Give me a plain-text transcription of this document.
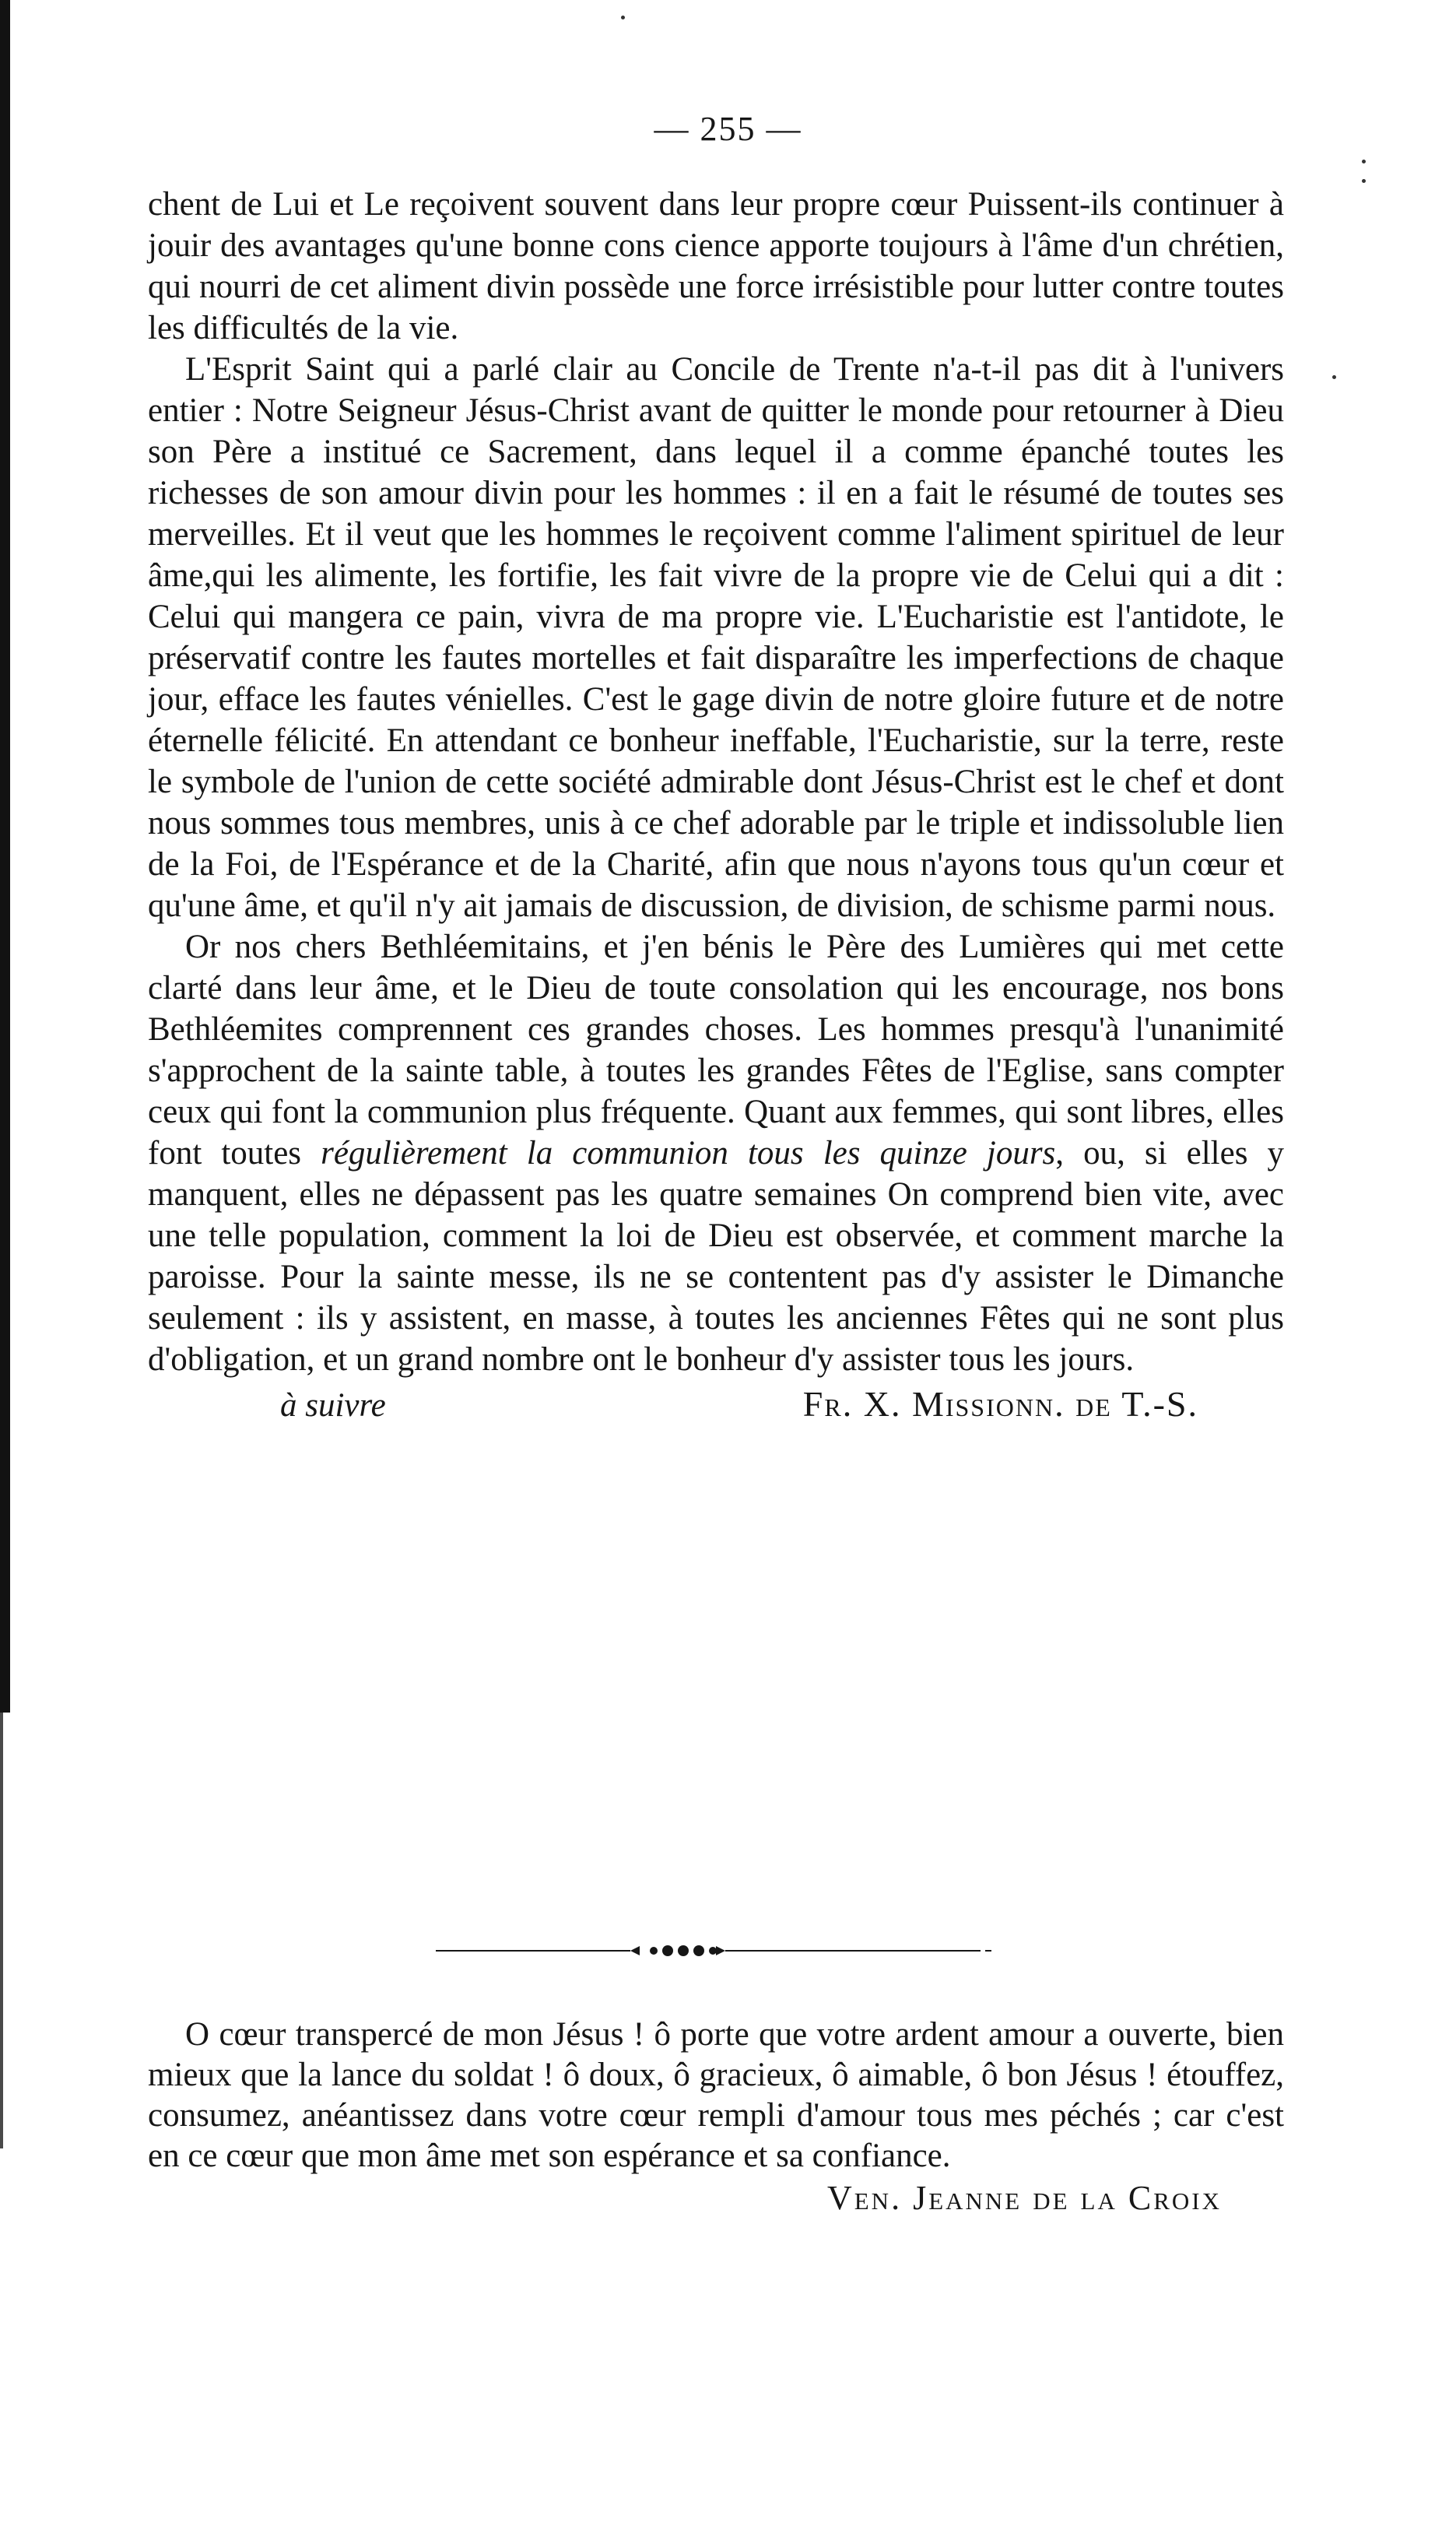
— 255 —

chent de Lui et Le reçoivent souvent dans leur propre cœur Puissent-ils continuer à jouir des avantages qu'une bonne cons cience apporte toujours à l'âme d'un chrétien, qui nourri de cet aliment divin possède une force irrésistible pour lutter contre toutes les difficultés de la vie.

L'Esprit Saint qui a parlé clair au Concile de Trente n'a-t-il pas dit à l'univers entier : Notre Seigneur Jésus-Christ avant de quitter le monde pour retourner à Dieu son Père a institué ce Sacrement, dans lequel il a comme épanché toutes les richesses de son amour divin pour les hommes : il en a fait le résumé de toutes ses merveilles. Et il veut que les hommes le reçoivent comme l'aliment spirituel de leur âme,qui les alimente, les fortifie, les fait vivre de la propre vie de Celui qui a dit : Celui qui mangera ce pain, vivra de ma propre vie. L'Eucharistie est l'antidote, le préservatif contre les fautes mortelles et fait disparaître les imperfections de chaque jour, efface les fautes vénielles. C'est le gage divin de notre gloire future et de notre éternelle félicité. En attendant ce bonheur ineffable, l'Eucharistie, sur la terre, reste le symbole de l'union de cette société admirable dont Jésus-Christ est le chef et dont nous sommes tous membres, unis à ce chef adorable par le triple et indissoluble lien de la Foi, de l'Espérance et de la Charité, afin que nous n'ayons tous qu'un cœur et qu'une âme, et qu'il n'y ait jamais de discussion, de division, de schisme parmi nous.

Or nos chers Bethléemitains, et j'en bénis le Père des Lumières qui met cette clarté dans leur âme, et le Dieu de toute consolation qui les encourage, nos bons Bethléemites comprennent ces grandes choses. Les hommes presqu'à l'unanimité s'approchent de la sainte table, à toutes les grandes Fêtes de l'Eglise, sans compter ceux qui font la communion plus fréquente. Quant aux femmes, qui sont libres, elles font toutes régulièrement la communion tous les quinze jours, ou, si elles y manquent, elles ne dépassent pas les quatre semaines On comprend bien vite, avec une telle population, comment la loi de Dieu est observée, et comment marche la paroisse. Pour la sainte messe, ils ne se contentent pas d'y assister le Dimanche seulement : ils y assistent, en masse, à toutes les anciennes Fêtes qui ne sont plus d'obligation, et un grand nombre ont le bonheur d'y assister tous les jours.

à suivre	Fr. X. Missionn. de T.-S.

O cœur transpercé de mon Jésus ! ô porte que votre ardent amour a ouverte, bien mieux que la lance du soldat ! ô doux, ô gracieux, ô aimable, ô bon Jésus ! étouffez, consumez, anéantissez dans votre cœur rempli d'amour tous mes péchés ; car c'est en ce cœur que mon âme met son espérance et sa confiance.

Ven. Jeanne de la Croix
